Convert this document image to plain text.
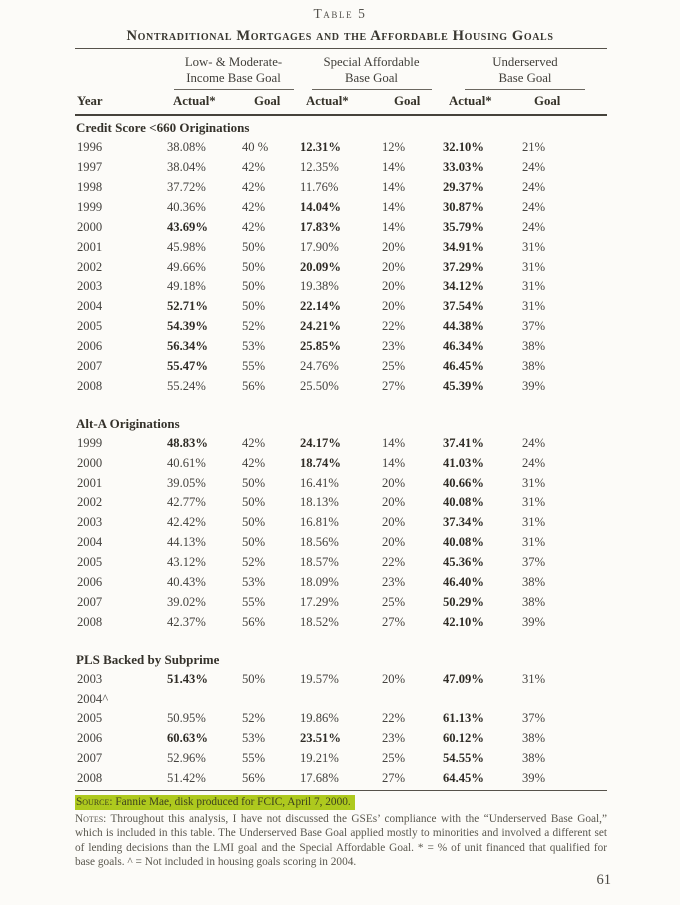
Table 5
Nontraditional Mortgages and the Affordable Housing Goals
Low- & Moderate-
Income Base Goal
Special Affordable
Base Goal
Underserved
Base Goal
Year	Actual*	Goal	Actual*	Goal	Actual*	Goal
Credit Score <660 Originations
1996	38.08%	40 %	12.31%	12%	32.10%	21%
1997	38.04%	42%	12.35%	14%	33.03%	24%
1998	37.72%	42%	11.76%	14%	29.37%	24%
1999	40.36%	42%	14.04%	14%	30.87%	24%
2000	43.69%	42%	17.83%	14%	35.79%	24%
2001	45.98%	50%	17.90%	20%	34.91%	31%
2002	49.66%	50%	20.09%	20%	37.29%	31%
2003	49.18%	50%	19.38%	20%	34.12%	31%
2004	52.71%	50%	22.14%	20%	37.54%	31%
2005	54.39%	52%	24.21%	22%	44.38%	37%
2006	56.34%	53%	25.85%	23%	46.34%	38%
2007	55.47%	55%	24.76%	25%	46.45%	38%
2008	55.24%	56%	25.50%	27%	45.39%	39%
Alt-A Originations
1999	48.83%	42%	24.17%	14%	37.41%	24%
2000	40.61%	42%	18.74%	14%	41.03%	24%
2001	39.05%	50%	16.41%	20%	40.66%	31%
2002	42.77%	50%	18.13%	20%	40.08%	31%
2003	42.42%	50%	16.81%	20%	37.34%	31%
2004	44.13%	50%	18.56%	20%	40.08%	31%
2005	43.12%	52%	18.57%	22%	45.36%	37%
2006	40.43%	53%	18.09%	23%	46.40%	38%
2007	39.02%	55%	17.29%	25%	50.29%	38%
2008	42.37%	56%	18.52%	27%	42.10%	39%
PLS Backed by Subprime
2003	51.43%	50%	19.57%	20%	47.09%	31%
2004^
2005	50.95%	52%	19.86%	22%	61.13%	37%
2006	60.63%	53%	23.51%	23%	60.12%	38%
2007	52.96%	55%	19.21%	25%	54.55%	38%
2008	51.42%	56%	17.68%	27%	64.45%	39%
Source: Fannie Mae, disk produced for FCIC, April 7, 2000.
Notes: Throughout this analysis, I have not discussed the GSEs’ compliance with the “Underserved Base Goal,” which is included in this table. The Underserved Base Goal applied mostly to minorities and involved a different set of lending decisions than the LMI goal and the Special Affordable Goal. * = % of unit financed that qualified for base goals. ^ = Not included in housing goals scoring in 2004.
61
